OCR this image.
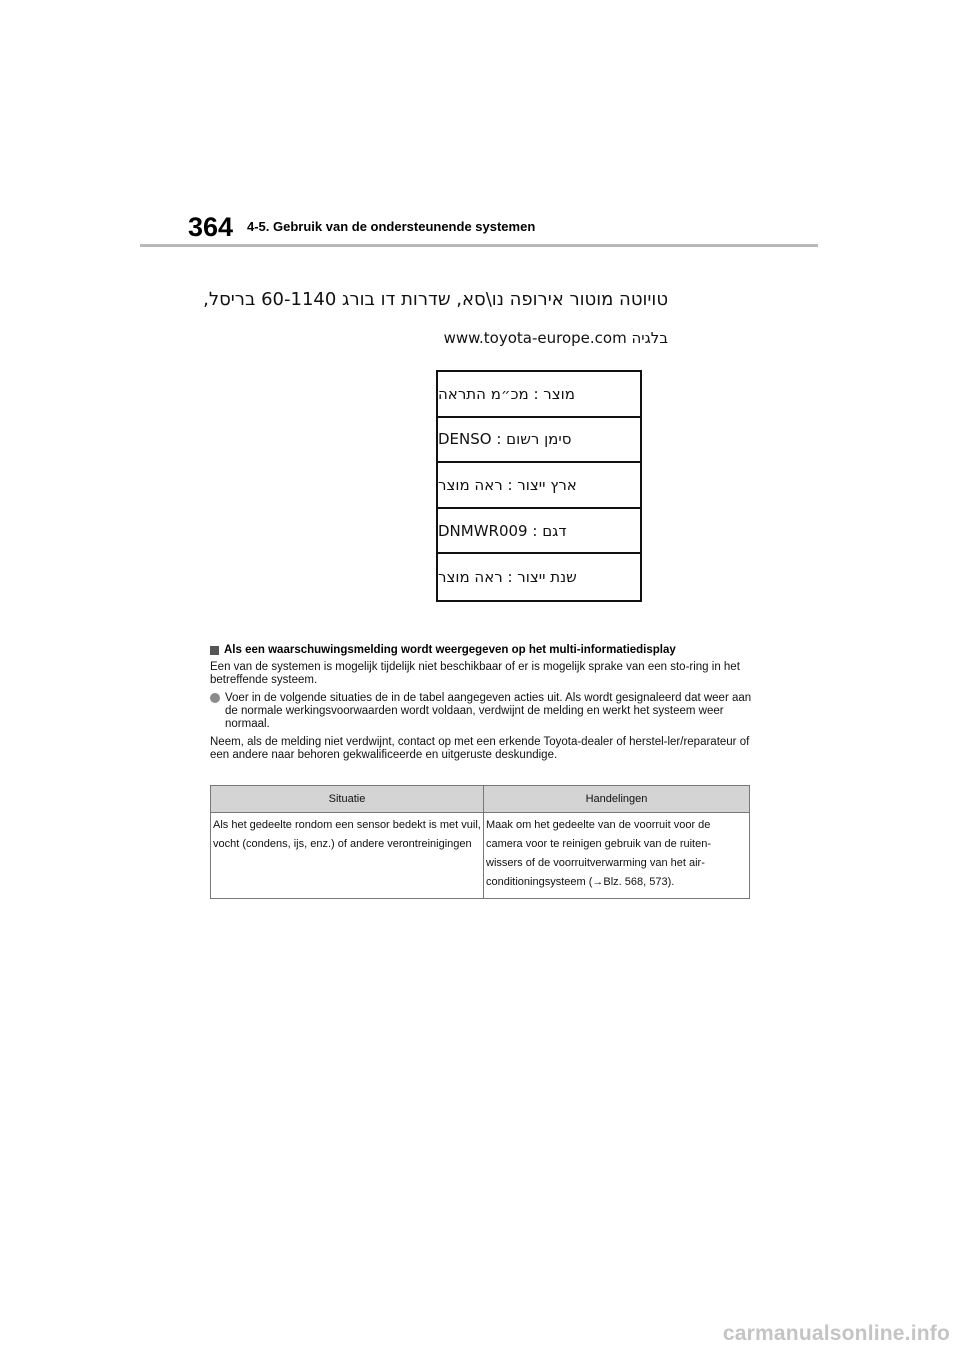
364 4-5. Gebruik van de ondersteunende systemen
טויוטה מוטור אירופה נו\סא, שדרות דו בורג 60-1140 בריסל,
בלגיה www.toyota-europe.com
מוצר : מכ״מ התראה
סימן רשום : DENSO
ארץ ייצור : ראה מוצר
דגם : DNMWR009
שנת ייצור : ראה מוצר
Als een waarschuwingsmelding wordt weergegeven op het multi-informatiedisplay

Een van de systemen is mogelijk tijdelijk niet beschikbaar of er is mogelijk sprake van een sto-ring in het betreffende systeem.

Voer in de volgende situaties de in de tabel aangegeven acties uit. Als wordt gesignaleerd dat weer aan de normale werkingsvoorwaarden wordt voldaan, verdwijnt de melding en werkt het systeem weer normaal.

Neem, als de melding niet verdwijnt, contact op met een erkende Toyota-dealer of herstel-ler/reparateur of een andere naar behoren gekwalificeerde en uitgeruste deskundige.

Situatie	Handelingen
Als het gedeelte rondom een sensor bedekt is met vuil, vocht (condens, ijs, enz.) of andere verontreinigingen	Maak om het gedeelte van de voorruit voor de camera voor te reinigen gebruik van de ruiten-wissers of de voorruitverwarming van het air-conditioningsysteem (→Blz. 568, 573).
carmanualsonline.info
